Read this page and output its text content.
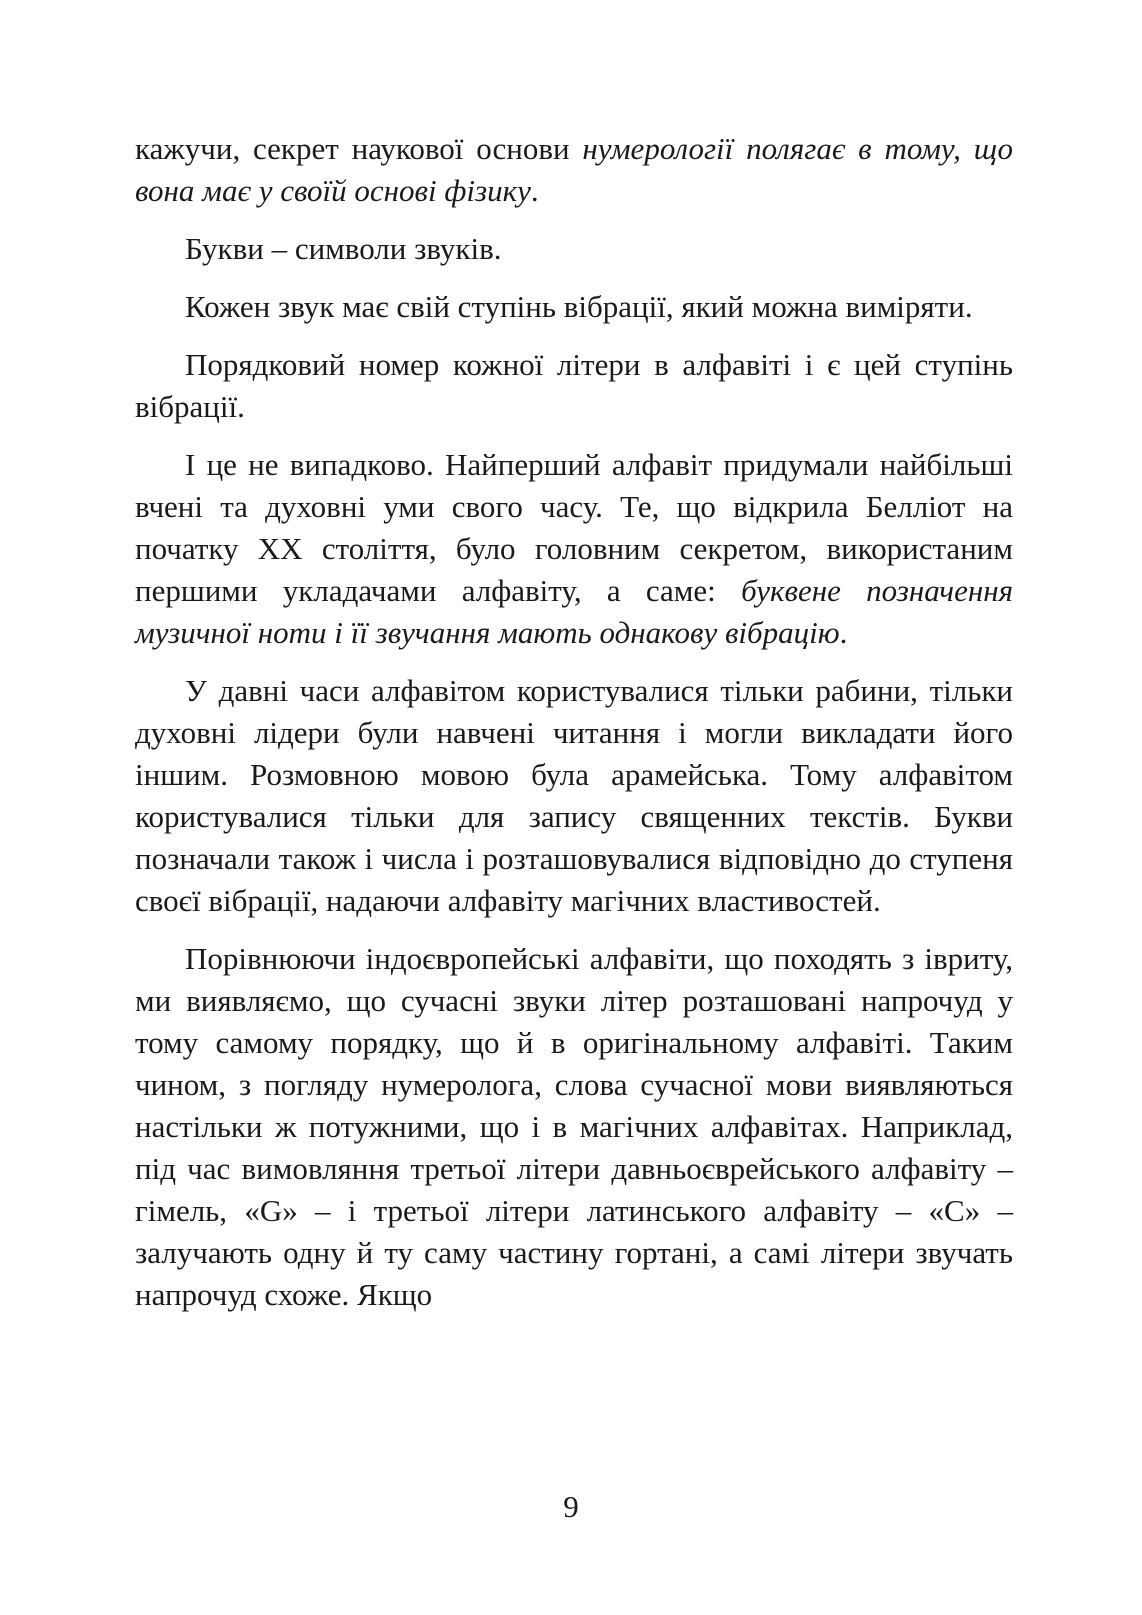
кажучи, секрет наукової основи нумерології полягає в тому, що вона має у своїй основі фізику.

Букви – символи звуків.

Кожен звук має свій ступінь вібрації, який можна виміряти.

Порядковий номер кожної літери в алфавіті і є цей ступінь вібрації.

І це не випадково. Найперший алфавіт придумали найбільші вчені та духовні уми свого часу. Те, що відкрила Беллiот на початку XX століття, було головним секретом, використаним першими укладачами алфавіту, а саме: буквене позначення музичної ноти і її звучання мають однакову вібрацію.

У давні часи алфавітом користувалися тільки рабини, тільки духовні лідери були навчені читання і могли викладати його іншим. Розмовною мовою була арамейська. Тому алфавітом користувалися тільки для запису священних текстів. Букви позначали також і числа і розташовувалися відповідно до ступеня своєї вібрації, надаючи алфавіту магічних властивостей.

Порівнюючи індоєвропейські алфавіти, що походять з івриту, ми виявляємо, що сучасні звуки літер розташовані напрочуд у тому самому порядку, що й в оригінальному алфавіті. Таким чином, з погляду нумеролога, слова сучасної мови виявляються настільки ж потужними, що і в магічних алфавітах. Наприклад, під час вимовляння третьої літери давньоєврейського алфавіту – гімель, «G» – і третьої літери латинського алфавіту – «C» – залучають одну й ту саму частину гортані, а самі літери звучать напрочуд схоже. Якщо

9
